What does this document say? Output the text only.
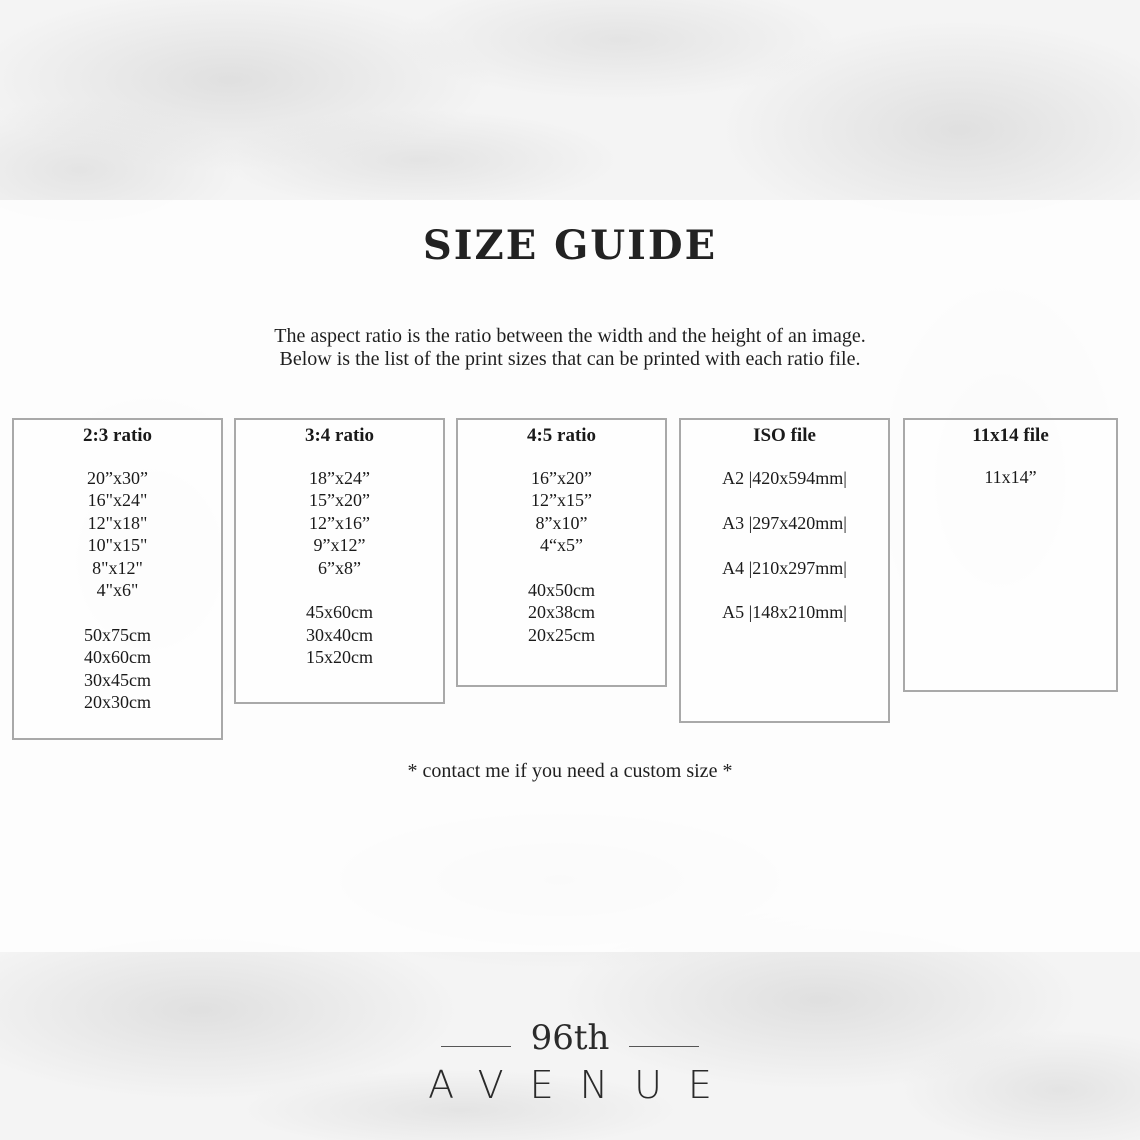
SIZE GUIDE

The aspect ratio is the ratio between the width and the height of an image.

Below is the list of the print sizes that can be printed with each ratio file.

2:3 ratio
20”x30”
16"x24"
12"x18"
10"x15"
8"x12"
4"x6"
50x75cm
40x60cm
30x45cm
20x30cm
3:4 ratio
18”x24”
15”x20”
12”x16”
9”x12”
6”x8”
45x60cm
30x40cm
15x20cm
4:5 ratio
16”x20”
12”x15”
8”x10”
4“x5”
40x50cm
20x38cm
20x25cm
ISO file
A2 |420x594mm|
A3 |297x420mm|
A4 |210x297mm|
A5 |148x210mm|
11x14 file
11x14”
* contact me if you need a custom size *
96th
AVENUE
